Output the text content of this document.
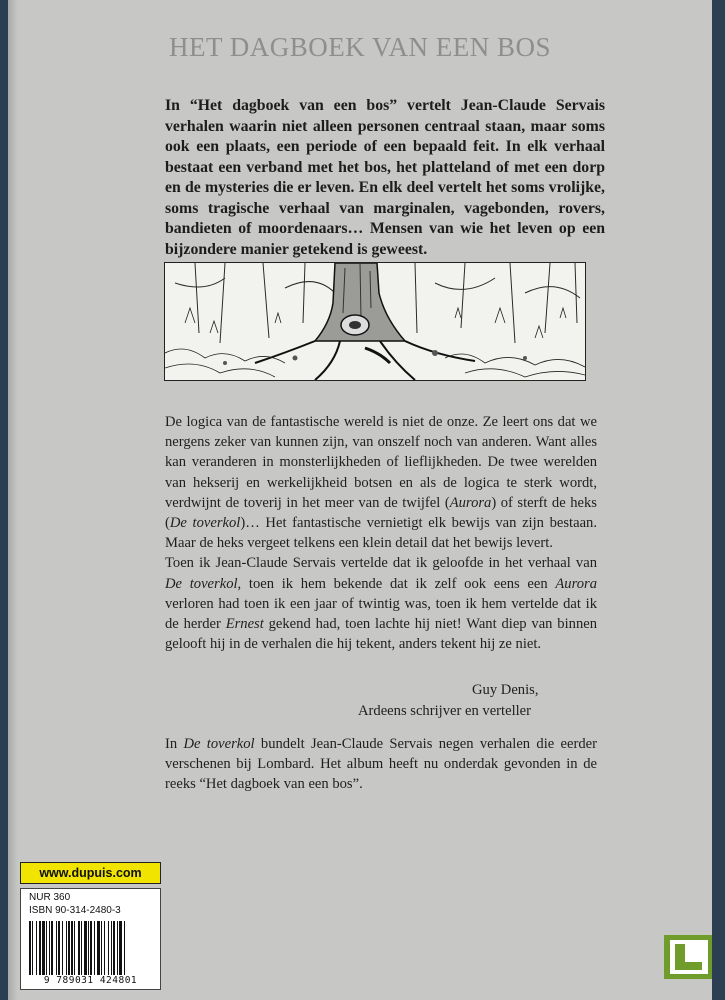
HET DAGBOEK VAN EEN BOS

In “Het dagboek van een bos” vertelt Jean-Claude Servais verhalen waarin niet alleen personen centraal staan, maar soms ook een plaats, een periode of een bepaald feit. In elk verhaal bestaat een verband met het bos, het platteland of met een dorp en de mysteries die er leven. En elk deel vertelt het soms vrolijke, soms tragische verhaal van marginalen, vagebonden, rovers, bandieten of moordenaars… Mensen van wie het leven op een bijzondere manier getekend is geweest.

De logica van de fantastische wereld is niet de onze. Ze leert ons dat we nergens zeker van kunnen zijn, van onszelf noch van anderen. Want alles kan veranderen in monsterlijkheden of lieflijkheden. De twee werelden van hekserij en werkelijkheid botsen en als de logica te sterk wordt, verdwijnt de toverij in het meer van de twijfel (Aurora) of sterft de heks (De toverkol)… Het fantastische vernietigt elk bewijs van zijn bestaan. Maar de heks vergeet telkens een klein detail dat het bewijs levert.
Toen ik Jean-Claude Servais vertelde dat ik geloofde in het verhaal van De toverkol, toen ik hem bekende dat ik zelf ook eens een Aurora verloren had toen ik een jaar of twintig was, toen ik hem vertelde dat ik de herder Ernest gekend had, toen lachte hij niet! Want diep van binnen gelooft hij in de verhalen die hij tekent, anders tekent hij ze niet.

Guy Denis,
Ardeens schrijver en verteller

In De toverkol bundelt Jean-Claude Servais negen verhalen die eerder verschenen bij Lombard. Het album heeft nu onderdak gevonden in de reeks “Het dagboek van een bos”.

www.dupuis.com
NUR 360
ISBN 90-314-2480-3
9 789031 424801
